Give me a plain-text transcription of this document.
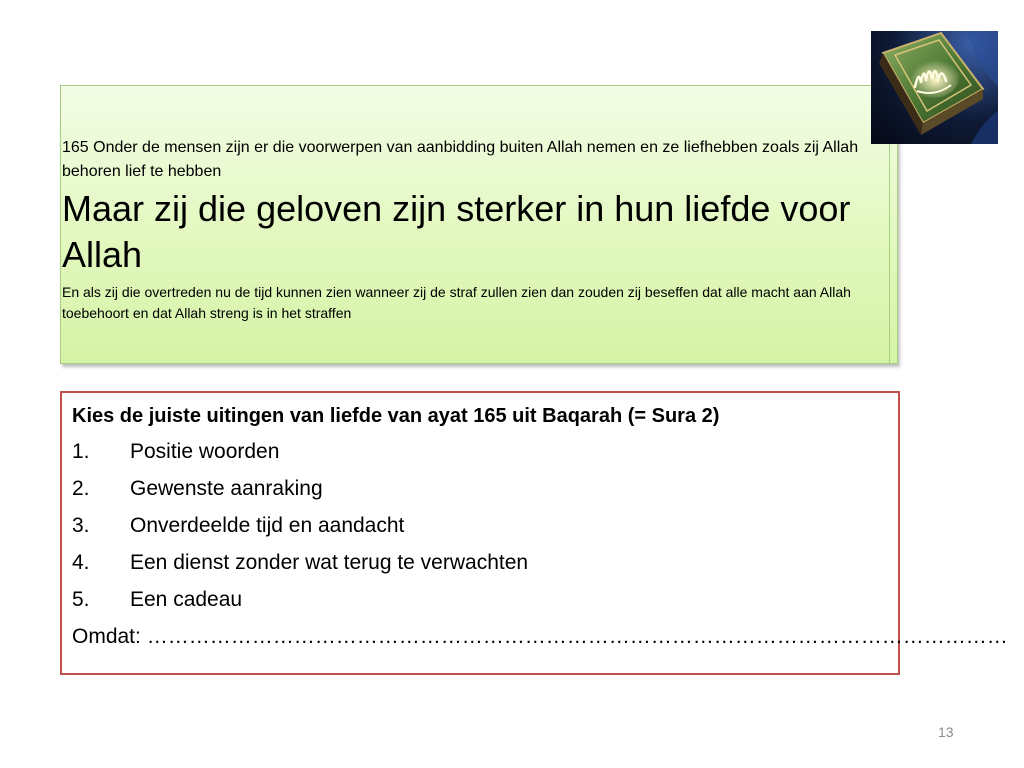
165 Onder de mensen zijn er die voorwerpen van aanbidding buiten Allah nemen en ze liefhebben zoals zij Allah behoren lief te hebben
Maar zij die geloven zijn sterker in hun liefde voor Allah
En als zij die overtreden nu de tijd kunnen zien wanneer zij de straf zullen zien dan zouden zij beseffen dat alle macht aan Allah toebehoort en dat Allah streng is in het straffen
Kies de juiste uitingen van liefde van ayat 165 uit Baqarah (= Sura 2)
1.	Positie woorden
2.	Gewenste aanraking
3.	Onverdeelde tijd en aandacht
4.	Een dienst zonder wat terug te verwachten
5.	Een cadeau
Omdat: ……………………………………………………………………………………………………………
13
